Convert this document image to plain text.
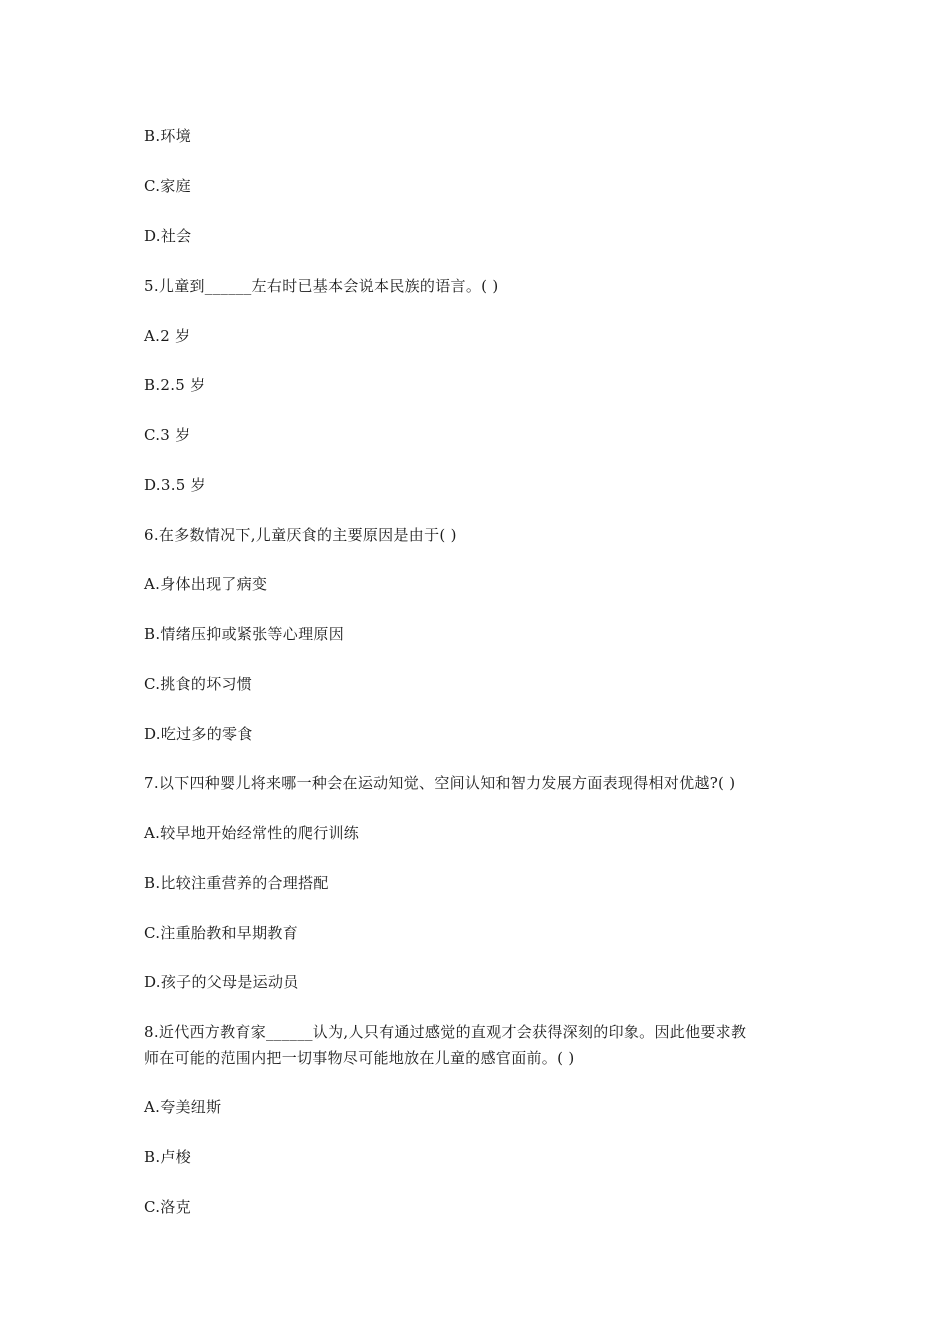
B.环境
C.家庭
D.社会
5.儿童到______左右时已基本会说本民族的语言。( )
A.2 岁
B.2.5 岁
C.3 岁
D.3.5 岁
6.在多数情况下,儿童厌食的主要原因是由于( )
A.身体出现了病变
B.情绪压抑或紧张等心理原因
C.挑食的坏习惯
D.吃过多的零食
7.以下四种婴儿将来哪一种会在运动知觉、空间认知和智力发展方面表现得相对优越?( )
A.较早地开始经常性的爬行训练
B.比较注重营养的合理搭配
C.注重胎教和早期教育
D.孩子的父母是运动员
8.近代西方教育家______认为,人只有通过感觉的直观才会获得深刻的印象。因此他要求教
师在可能的范围内把一切事物尽可能地放在儿童的感官面前。( )
A.夸美纽斯
B.卢梭
C.洛克
